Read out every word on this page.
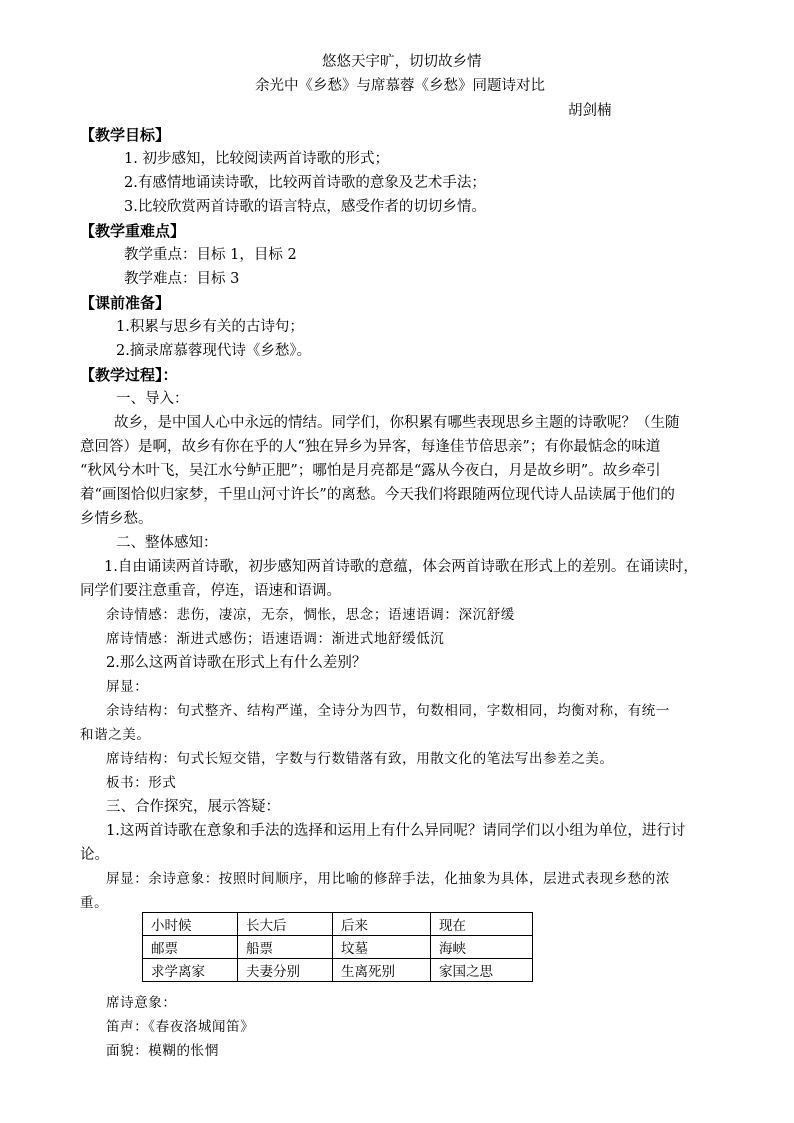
悠悠天宇旷，切切故乡情
余光中《乡愁》与席慕蓉《乡愁》同题诗对比
胡剑楠
【教学目标】
1. 初步感知，比较阅读两首诗歌的形式；
2.有感情地诵读诗歌，比较两首诗歌的意象及艺术手法；
3.比较欣赏两首诗歌的语言特点，感受作者的切切乡情。
【教学重难点】
教学重点：目标 1，目标 2
教学难点：目标 3
【课前准备】
1.积累与思乡有关的古诗句；
2.摘录席慕蓉现代诗《乡愁》。
【教学过程】：
一、导入：
故乡，是中国人心中永远的情结。同学们，你积累有哪些表现思乡主题的诗歌呢？（生随
意回答）是啊，故乡有你在乎的人“独在异乡为异客，每逢佳节倍思亲”；有你最惦念的味道
“秋风兮木叶飞，吴江水兮鲈正肥”；哪怕是月亮都是“露从今夜白，月是故乡明”。故乡牵引
着“画图恰似归家梦，千里山河寸许长”的离愁。今天我们将跟随两位现代诗人品读属于他们的
乡情乡愁。
二、整体感知：
1.自由诵读两首诗歌，初步感知两首诗歌的意蕴，体会两首诗歌在形式上的差别。在诵读时，
同学们要注意重音，停连，语速和语调。
余诗情感：悲伤，凄凉，无奈，惆怅，思念；语速语调：深沉舒缓
席诗情感：渐进式感伤；语速语调：渐进式地舒缓低沉
2.那么这两首诗歌在形式上有什么差别？
屏显：
余诗结构：句式整齐、结构严谨，全诗分为四节，句数相同，字数相同，均衡对称，有统一
和谐之美。
席诗结构：句式长短交错，字数与行数错落有致，用散文化的笔法写出参差之美。
板书：形式
三、合作探究，展示答疑：
1.这两首诗歌在意象和手法的选择和运用上有什么异同呢？请同学们以小组为单位，进行讨
论。
屏显：余诗意象：按照时间顺序，用比喻的修辞手法，化抽象为具体，层进式表现乡愁的浓
重。
小时候	长大后	后来	现在
邮票	船票	坟墓	海峡
求学离家	夫妻分别	生离死别	家国之思
席诗意象：
笛声：《春夜洛城闻笛》
面貌：模糊的怅惘
